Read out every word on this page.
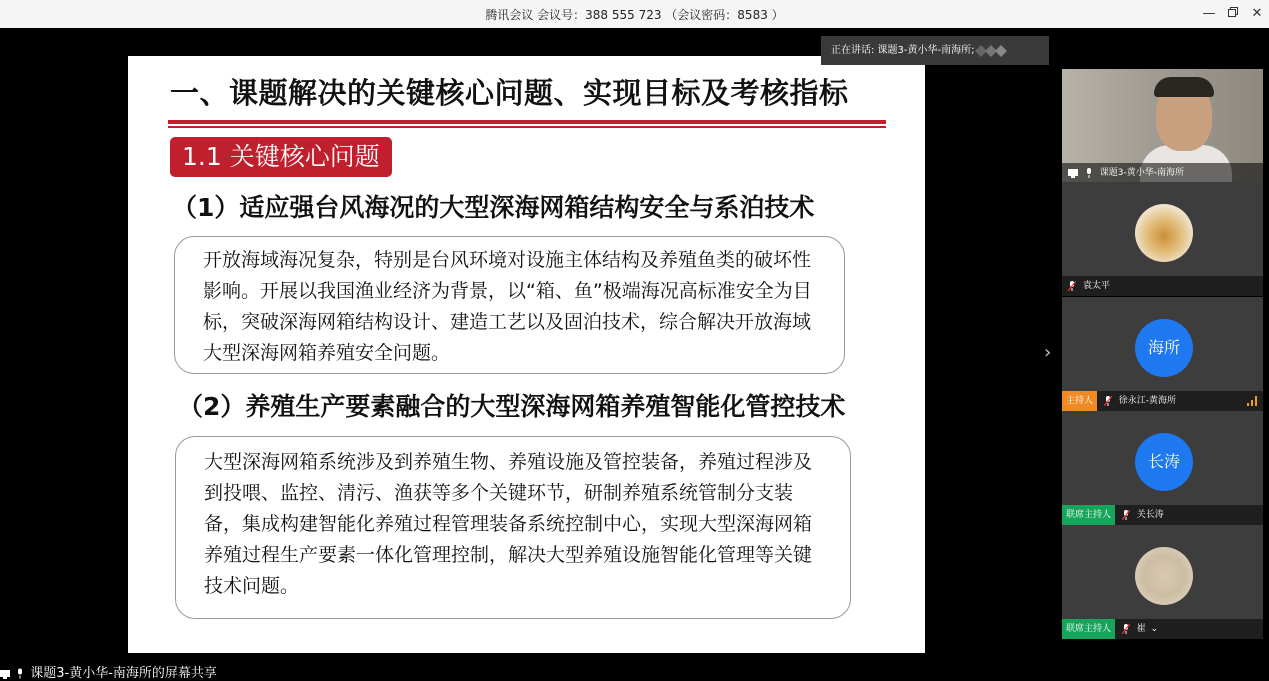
腾讯会议 会议号：388 555 723 （会议密码：8583 ）	—	✕
一、课题解决的关键核心问题、实现目标及考核指标
1.1 关键核心问题
（1）适应强台风海况的大型深海网箱结构安全与系泊技术
开放海域海况复杂，特别是台风环境对设施主体结构及养殖鱼类的破坏性影响。开展以我国渔业经济为背景，以“箱、鱼”极端海况高标准安全为目标，突破深海网箱结构设计、建造工艺以及固泊技术，综合解决开放海域大型深海网箱养殖安全问题。
（2）养殖生产要素融合的大型深海网箱养殖智能化管控技术
大型深海网箱系统涉及到养殖生物、养殖设施及管控装备，养殖过程涉及到投喂、监控、清污、渔获等多个关键环节，研制养殖系统管制分支装备，集成构建智能化养殖过程管理装备系统控制中心，实现大型深海网箱养殖过程生产要素一体化管理控制，解决大型养殖设施智能化管理等关键技术问题。
正在讲话: 课题3-黄小华-南海所;
›
课题3-黄小华-南海所
袁太平
海所
主持人	徐永江-黄海所
长涛
联席主持人	关长涛
联席主持人	崔 ⌄
课题3-黄小华-南海所的屏幕共享
